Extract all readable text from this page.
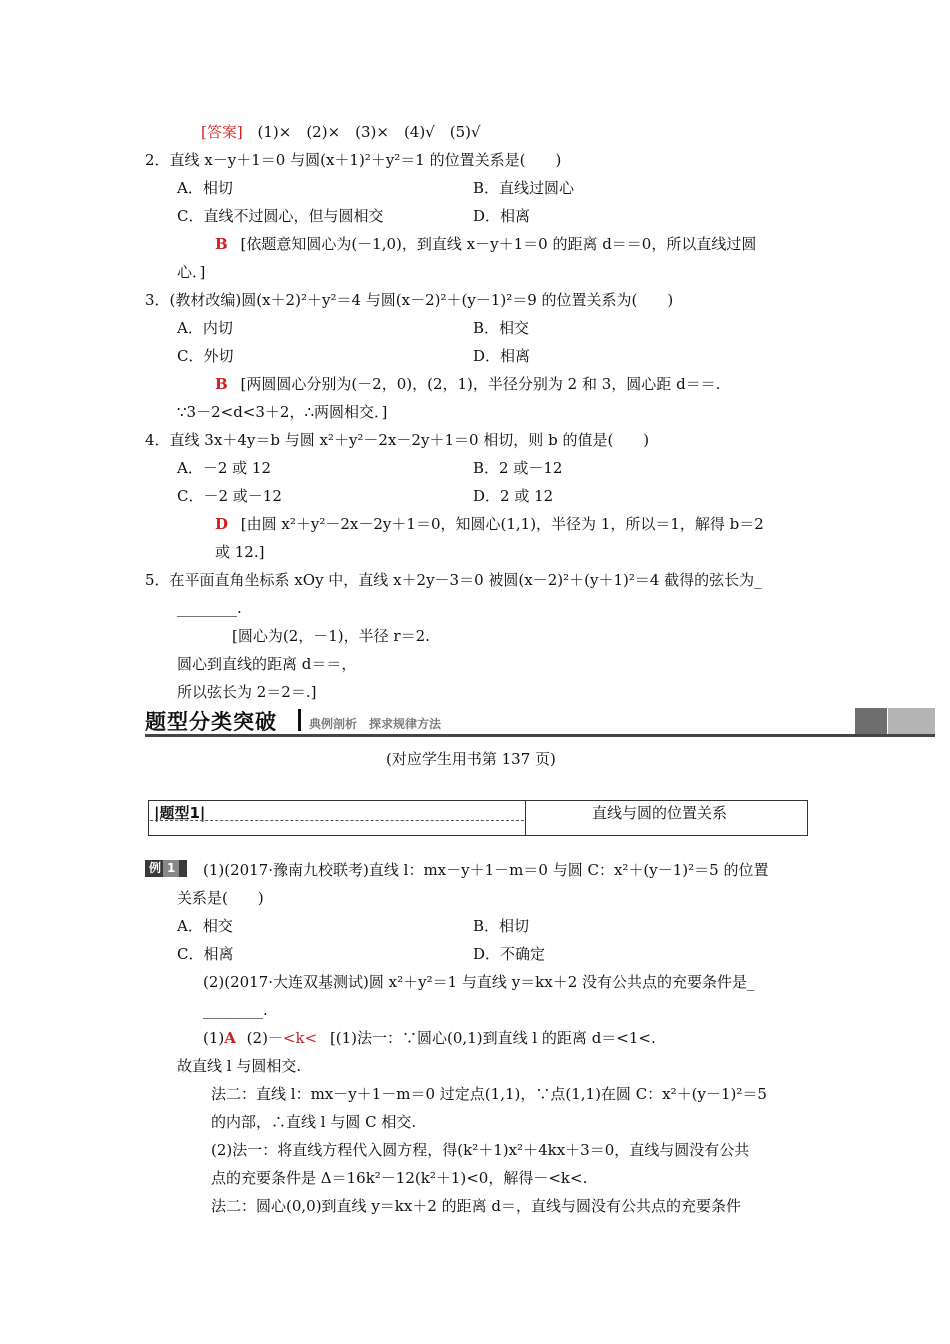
[答案] (1)×　(2)×　(3)×　(4)√　(5)√
2．直线 x－y＋1＝0 与圆(x＋1)²＋y²＝1 的位置关系是(　　)
A．相切	B．直线过圆心
C．直线不过圆心，但与圆相交	D．相离
B [依题意知圆心为(－1,0)，到直线 x－y＋1＝0 的距离 d＝＝0，所以直线过圆
心．]
3．(教材改编)圆(x＋2)²＋y²＝4 与圆(x－2)²＋(y－1)²＝9 的位置关系为(　　)
A．内切	B．相交
C．外切	D．相离
B [两圆圆心分别为(－2，0)，(2，1)，半径分别为 2 和 3，圆心距 d＝＝.
∵3－2<d<3＋2，∴两圆相交．]
4．直线 3x＋4y＝b 与圆 x²＋y²－2x－2y＋1＝0 相切，则 b 的值是(　　)
A．－2 或 12	B．2 或－12
C．－2 或－12	D．2 或 12
D [由圆 x²＋y²－2x－2y＋1＝0，知圆心(1,1)，半径为 1，所以＝1，解得 b＝2
或 12.]
5．在平面直角坐标系 xOy 中，直线 x＋2y－3＝0 被圆(x－2)²＋(y＋1)²＝4 截得的弦长为_
________.
[圆心为(2，－1)，半径 r＝2.
圆心到直线的距离 d＝＝，
所以弦长为 2＝2＝.]
题型分类突破	典例剖析　探求规律方法
(对应学生用书第 137 页)
|题型1|	直线与圆的位置关系
例 1	(1)(2017·豫南九校联考)直线 l：mx－y＋1－m＝0 与圆 C：x²＋(y－1)²＝5 的位置
关系是(　　)
A．相交	B．相切
C．相离	D．不确定
(2)(2017·大连双基测试)圆 x²＋y²＝1 与直线 y＝kx＋2 没有公共点的充要条件是_
________.
(1)A (2)－<k< [(1)法一：∵圆心(0,1)到直线 l 的距离 d＝<1<.
故直线 l 与圆相交.
法二：直线 l：mx－y＋1－m＝0 过定点(1,1)，∵点(1,1)在圆 C：x²＋(y－1)²＝5
的内部，∴直线 l 与圆 C 相交.
(2)法一：将直线方程代入圆方程，得(k²＋1)x²＋4kx＋3＝0，直线与圆没有公共
点的充要条件是 Δ＝16k²－12(k²＋1)<0，解得－<k<.
法二：圆心(0,0)到直线 y＝kx＋2 的距离 d＝，直线与圆没有公共点的充要条件
